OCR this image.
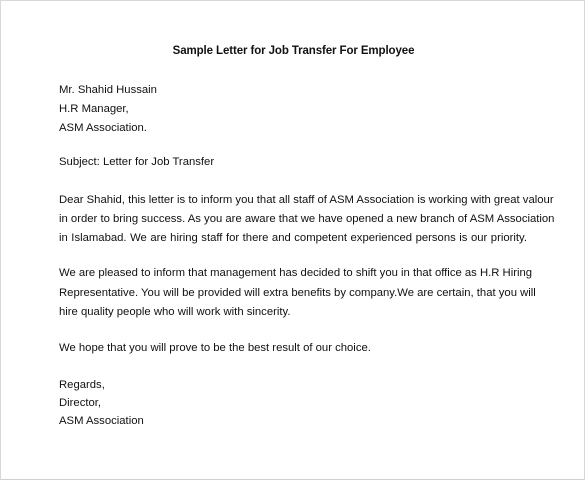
Sample Letter for Job Transfer For Employee
Mr. Shahid Hussain
H.R Manager,
ASM Association.
Subject: Letter for Job Transfer
Dear Shahid, this letter is to inform you that all staff of ASM Association is working with great valour
in order to bring success. As you are aware that we have opened a new branch of ASM Association
in Islamabad. We are hiring staff for there and competent experienced persons is our priority.
We are pleased to inform that management has decided to shift you in that office as H.R Hiring
Representative. You will be provided will extra benefits by company.We are certain, that you will
hire quality people who will work with sincerity.
We hope that you will prove to be the best result of our choice.
Regards,
Director,
ASM Association
